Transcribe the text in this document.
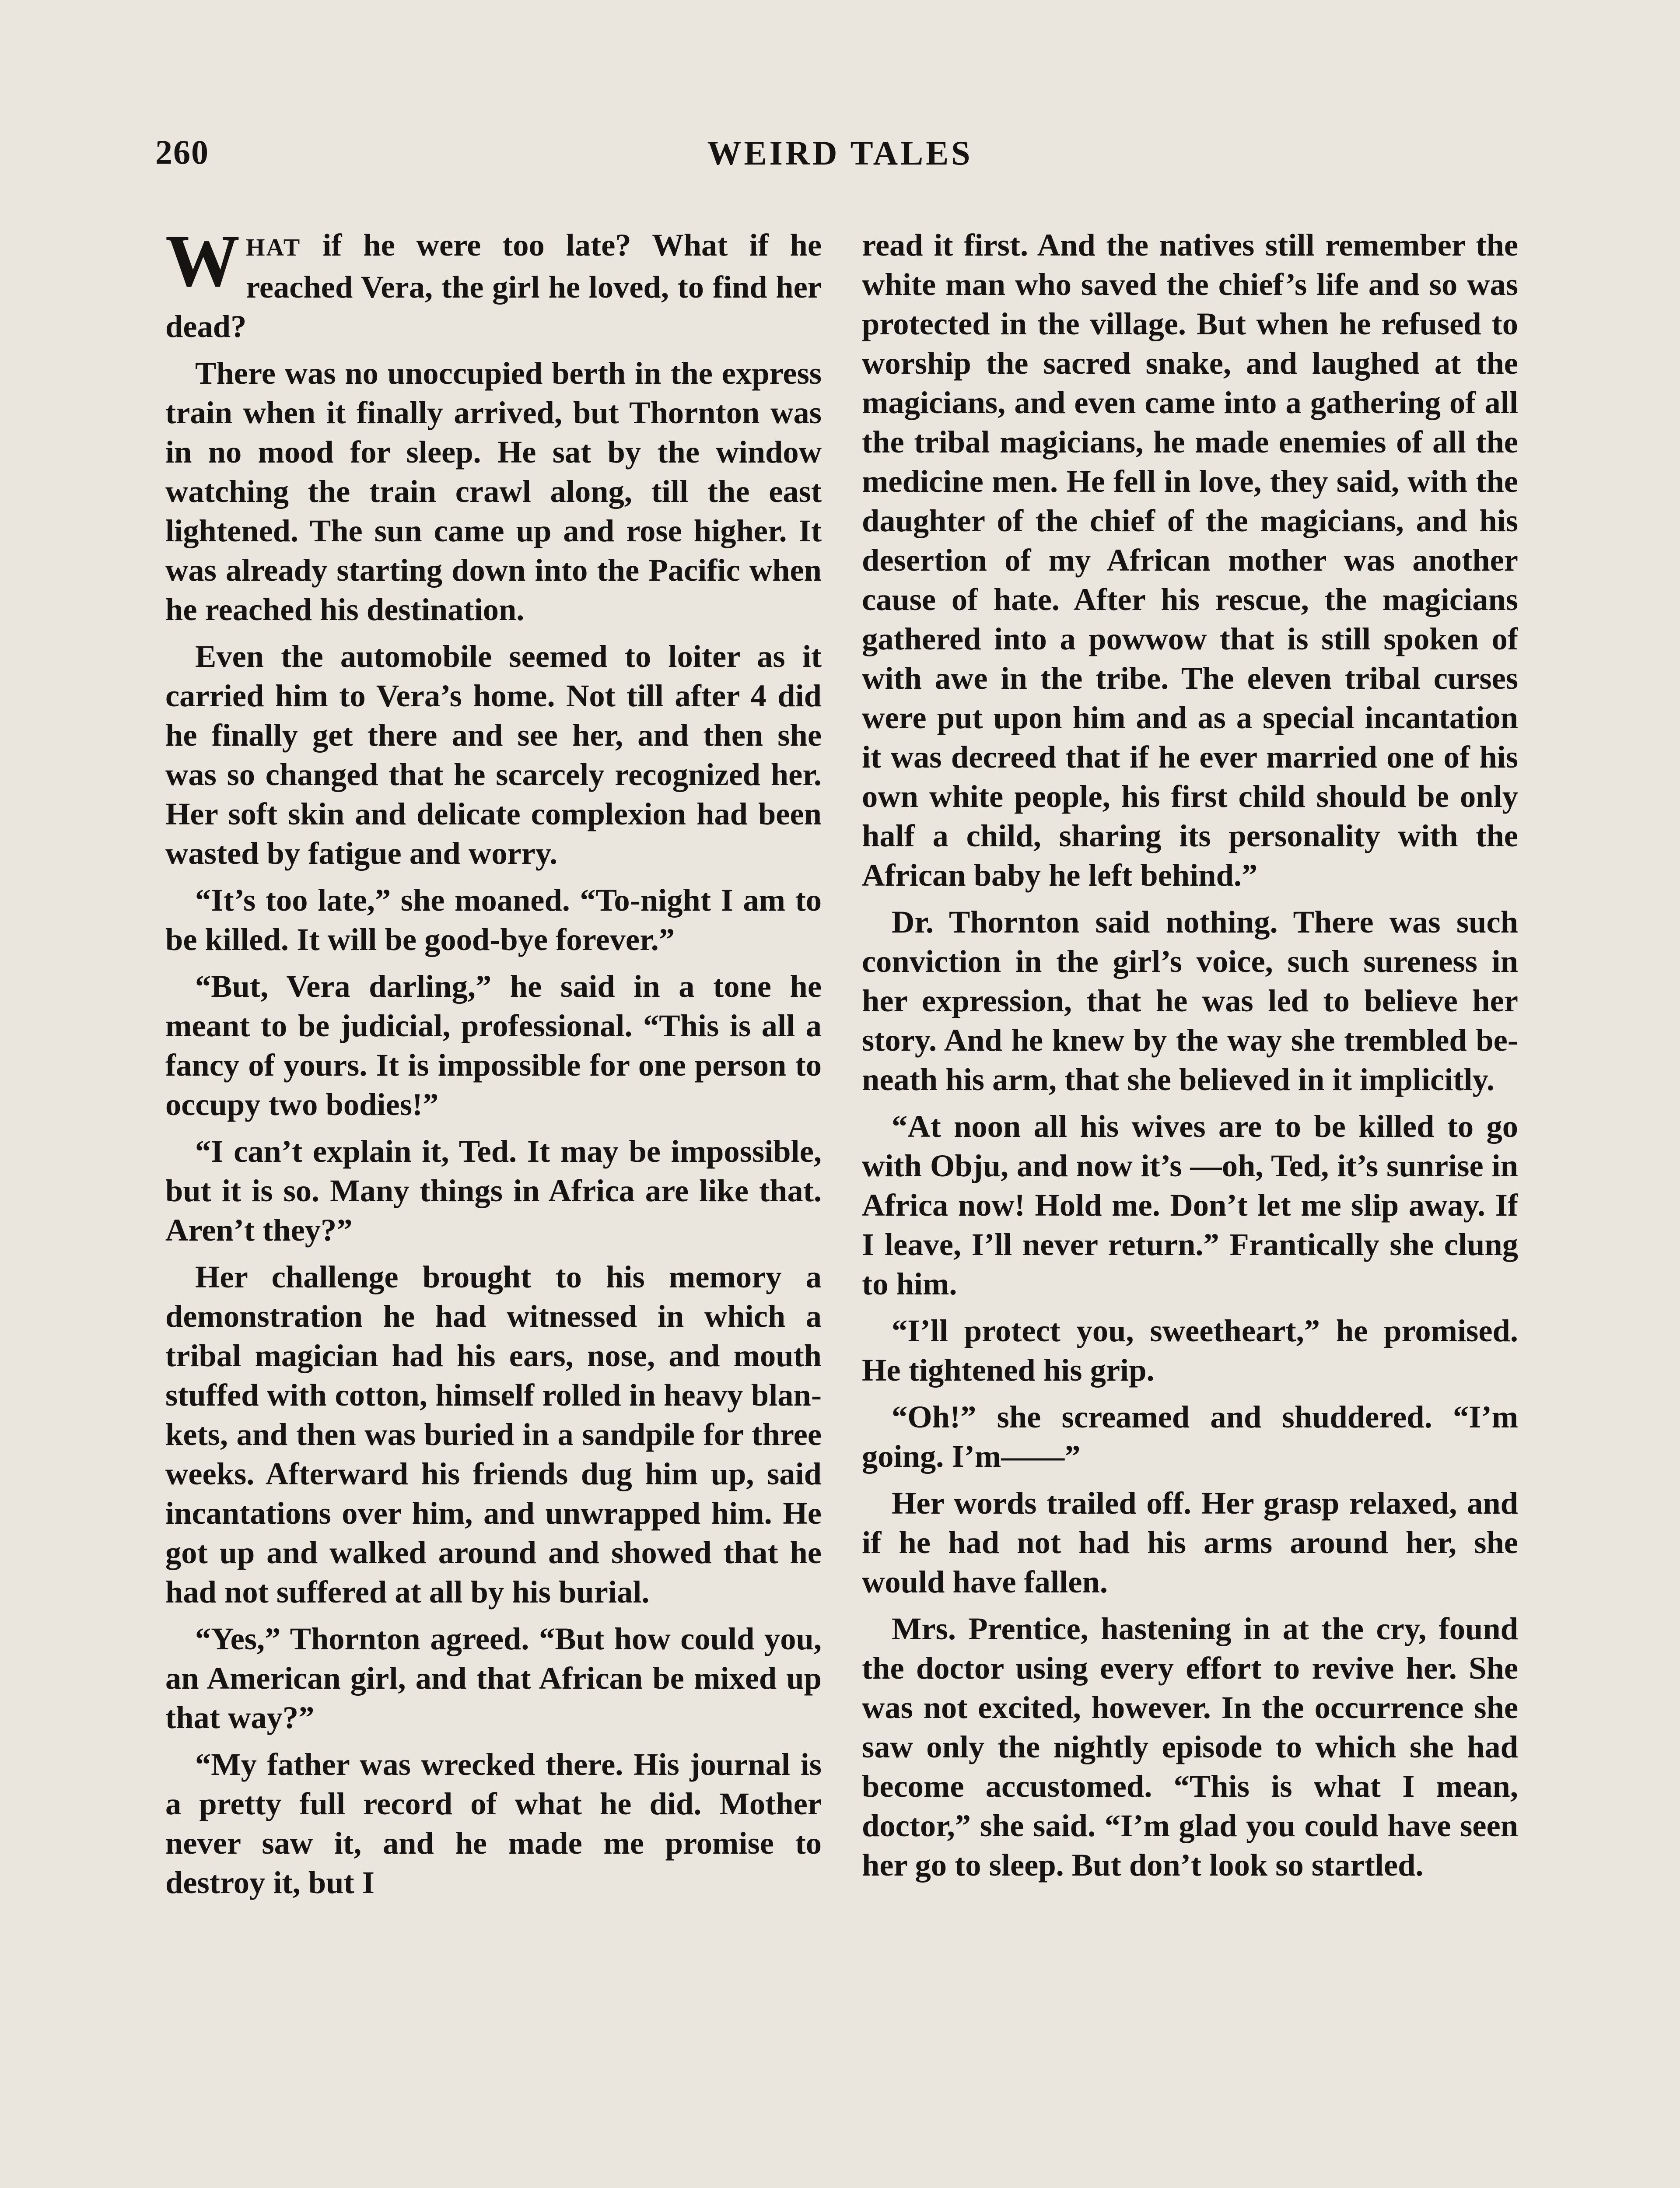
260	WEIRD TALES

WHAT if he were too late? What if he reached Vera, the girl he loved, to find her dead?

There was no unoccupied berth in the express train when it finally arrived, but Thornton was in no mood for sleep. He sat by the window watching the train crawl along, till the east lightened. The sun came up and rose higher. It was already starting down into the Pacific when he reached his destination.

Even the automobile seemed to loiter as it carried him to Vera’s home. Not till after 4 did he finally get there and see her, and then she was so changed that he scarcely recognized her. Her soft skin and delicate complexion had been wasted by fatigue and worry.

“It’s too late,” she moaned. “To-night I am to be killed. It will be good-bye forever.”

“But, Vera darling,” he said in a tone he meant to be judicial, professional. “This is all a fancy of yours. It is impossible for one person to occupy two bodies!”

“I can’t explain it, Ted. It may be impossible, but it is so. Many things in Africa are like that. Aren’t they?”

Her challenge brought to his memory a demonstration he had witnessed in which a tribal magician had his ears, nose, and mouth stuffed with cotton, himself rolled in heavy blankets, and then was buried in a sandpile for three weeks. Afterward his friends dug him up, said incantations over him, and unwrapped him. He got up and walked around and showed that he had not suffered at all by his burial.

“Yes,” Thornton agreed. “But how could you, an American girl, and that African be mixed up that way?”

“My father was wrecked there. His journal is a pretty full record of what he did. Mother never saw it, and he made me promise to destroy it, but I

read it first. And the natives still remember the white man who saved the chief’s life and so was protected in the village. But when he refused to worship the sacred snake, and laughed at the magicians, and even came into a gathering of all the tribal magicians, he made enemies of all the medicine men. He fell in love, they said, with the daughter of the chief of the magicians, and his desertion of my African mother was another cause of hate. After his rescue, the magicians gathered into a powwow that is still spoken of with awe in the tribe. The eleven tribal curses were put upon him and as a special incantation it was decreed that if he ever married one of his own white people, his first child should be only half a child, sharing its personality with the African baby he left behind.”

Dr. Thornton said nothing. There was such conviction in the girl’s voice, such sureness in her expression, that he was led to believe her story. And he knew by the way she trembled beneath his arm, that she believed in it implicitly.

“At noon all his wives are to be killed to go with Obju, and now it’s —oh, Ted, it’s sunrise in Africa now! Hold me. Don’t let me slip away. If I leave, I’ll never return.” Frantically she clung to him.

“I’ll protect you, sweetheart,” he promised. He tightened his grip.

“Oh!” she screamed and shuddered. “I’m going. I’m——”

Her words trailed off. Her grasp relaxed, and if he had not had his arms around her, she would have fallen.

Mrs. Prentice, hastening in at the cry, found the doctor using every effort to revive her. She was not excited, however. In the occurrence she saw only the nightly episode to which she had become accustomed. “This is what I mean, doctor,” she said. “I’m glad you could have seen her go to sleep. But don’t look so startled.
